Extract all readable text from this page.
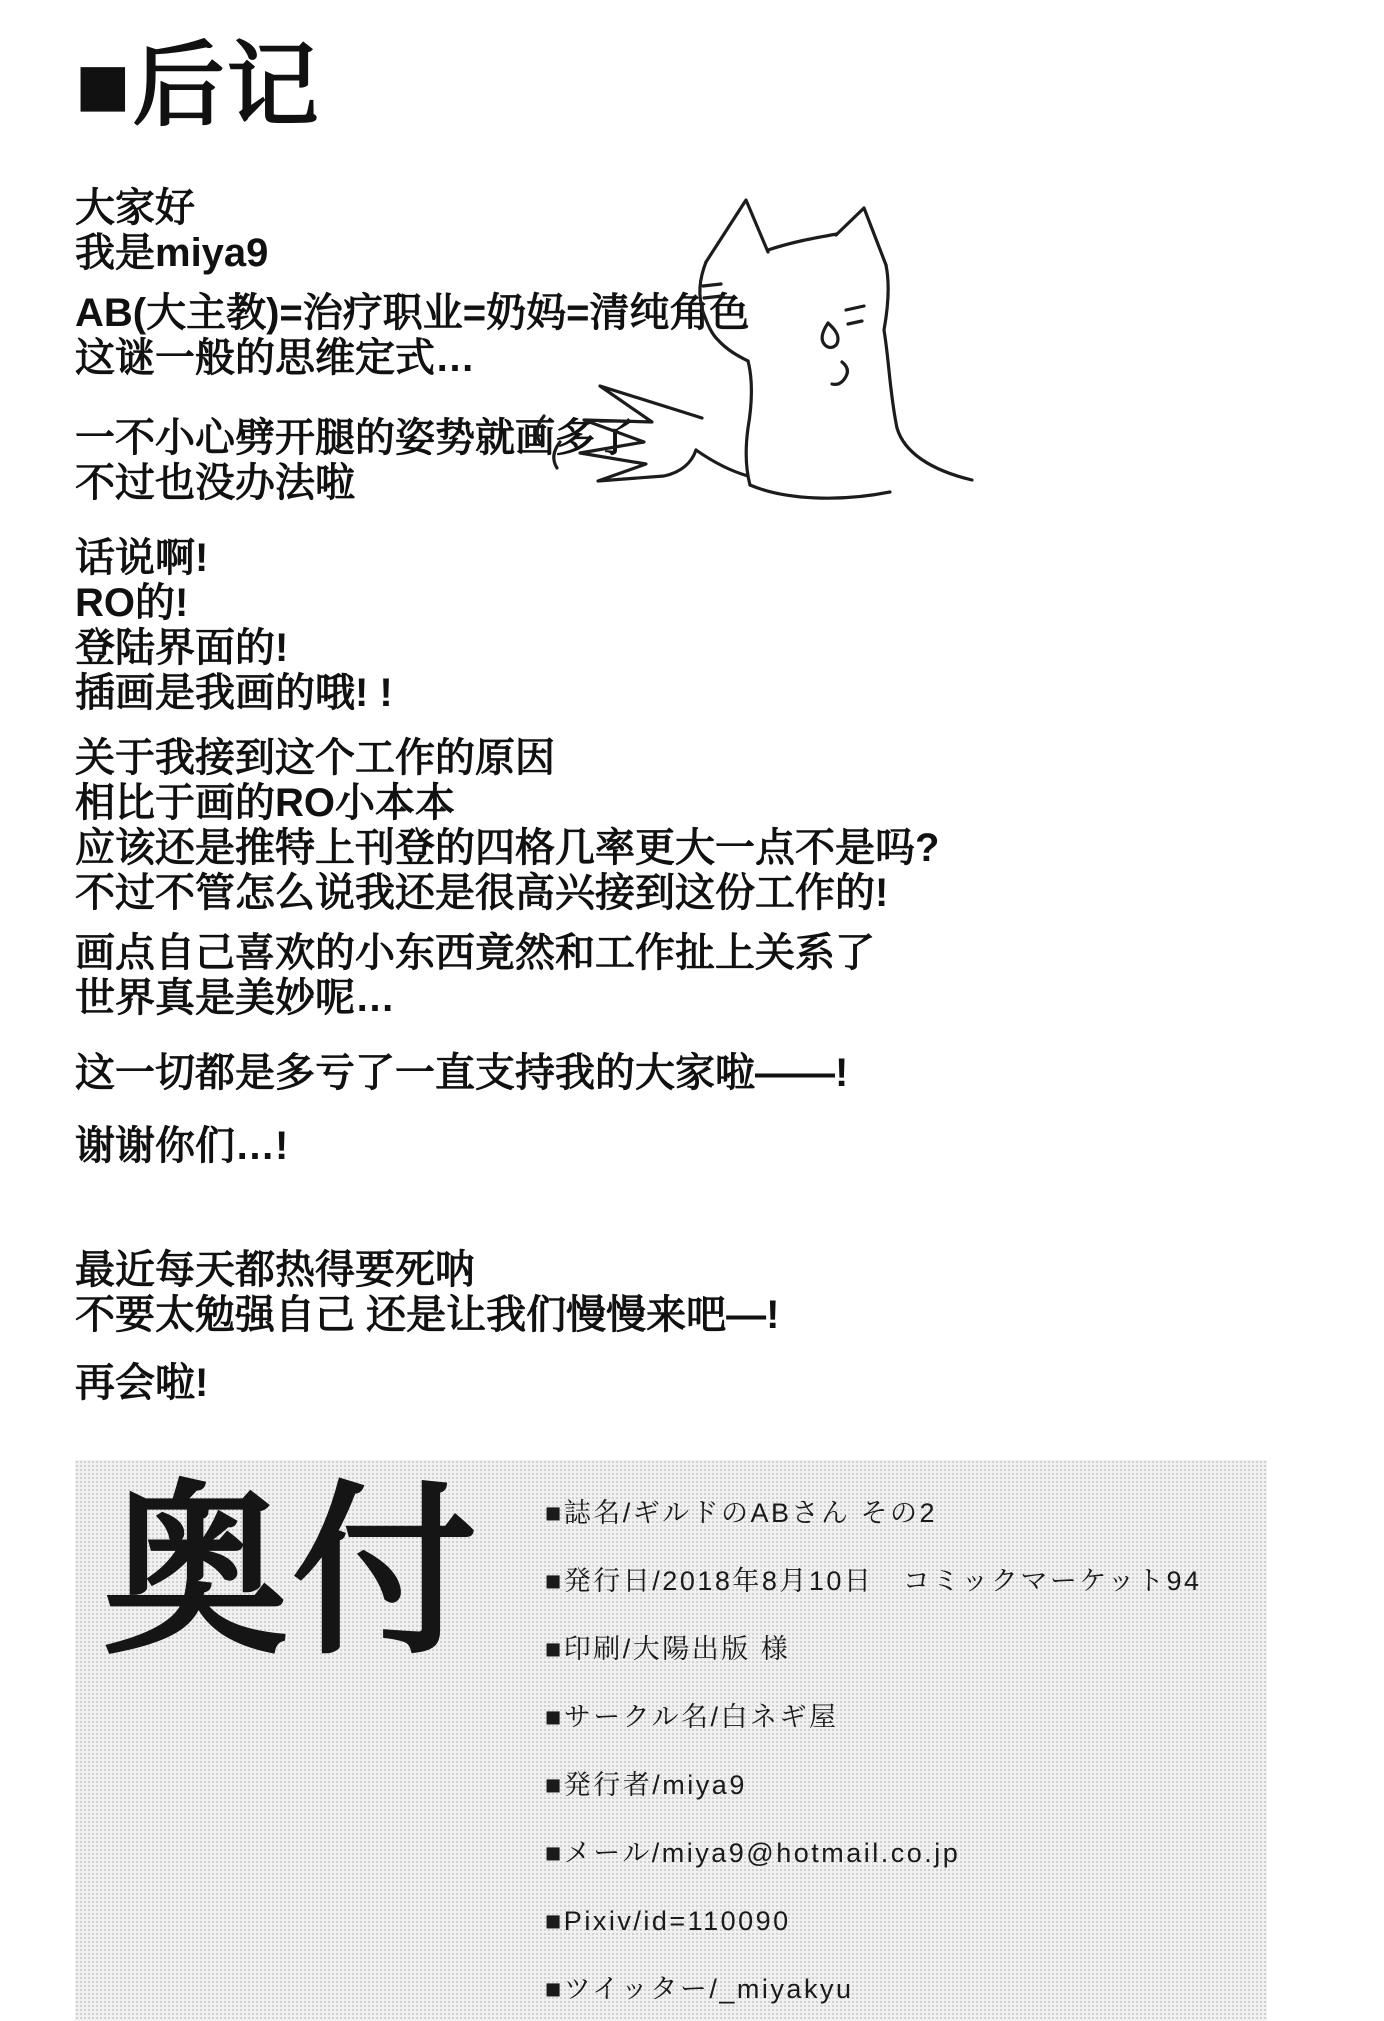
■后记
大家好
我是miya9
AB(大主教)=治疗职业=奶妈=清纯角色
这谜一般的思维定式…
一不小心劈开腿的姿势就画多了
不过也没办法啦
话说啊!
RO的!
登陆界面的!
插画是我画的哦! !
关于我接到这个工作的原因
相比于画的RO小本本
应该还是推特上刊登的四格几率更大一点不是吗?
不过不管怎么说我还是很高兴接到这份工作的!
画点自己喜欢的小东西竟然和工作扯上关系了
世界真是美妙呢…
这一切都是多亏了一直支持我的大家啦——!
谢谢你们…!
最近每天都热得要死呐
不要太勉强自己 还是让我们慢慢来吧—!
再会啦!
奥付 ■誌名/ギルドのABさん その2
■発行日/2018年8月10日　コミックマーケット94
■印刷/大陽出版 様
■サークル名/白ネギ屋
■発行者/miya9
■メール/miya9@hotmail.co.jp
■Pixiv/id=110090
■ツイッター/_miyakyu
